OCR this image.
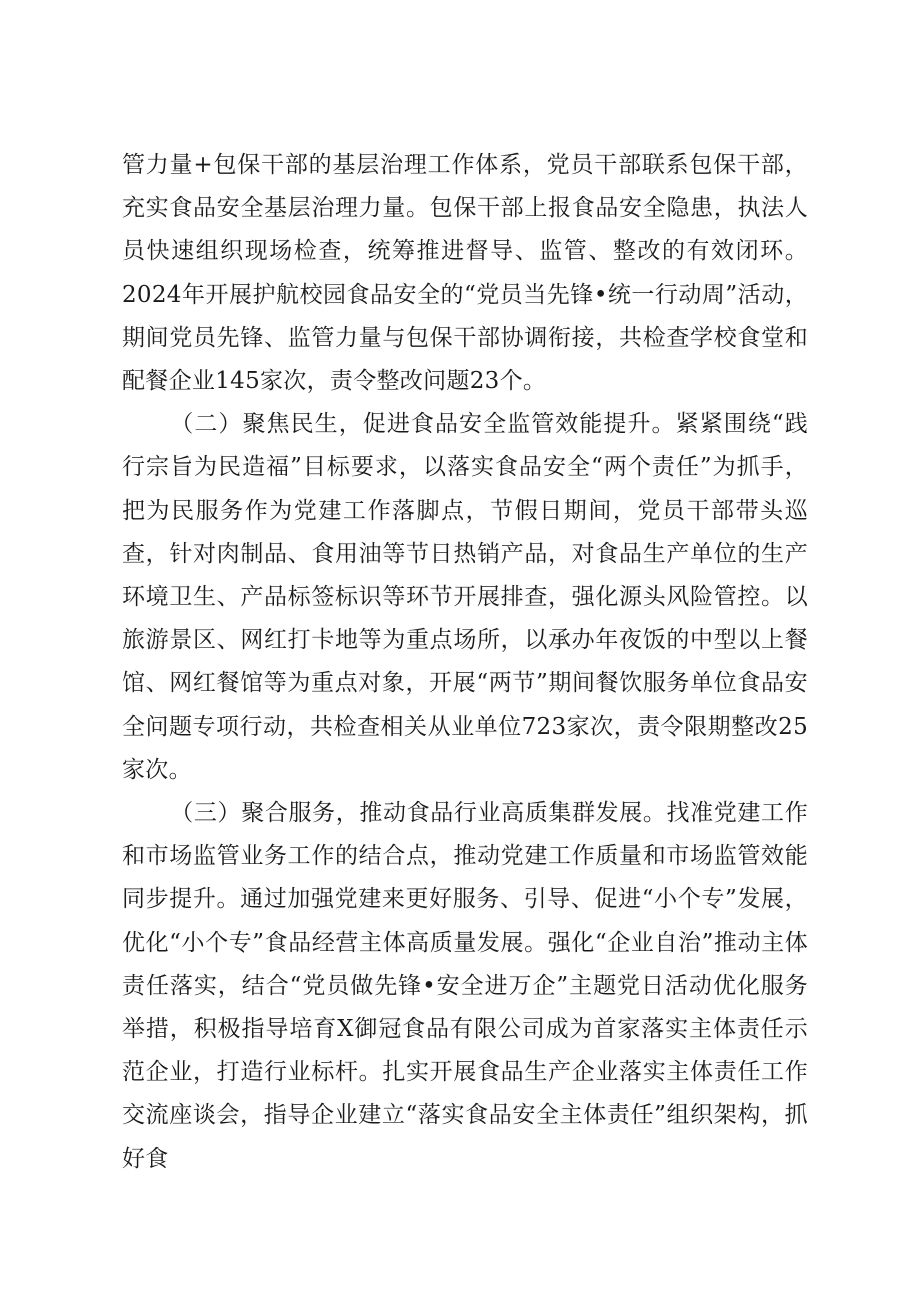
管力量+包保干部的基层治理工作体系，党员干部联系包保干部，充实食品安全基层治理力量。包保干部上报食品安全隐患，执法人员快速组织现场检查，统筹推进督导、监管、整改的有效闭环。2024年开展护航校园食品安全的“党员当先锋•统一行动周”活动，期间党员先锋、监管力量与包保干部协调衔接，共检查学校食堂和配餐企业145家次，责令整改问题23个。

（二）聚焦民生，促进食品安全监管效能提升。紧紧围绕“践行宗旨为民造福”目标要求，以落实食品安全“两个责任”为抓手，把为民服务作为党建工作落脚点，节假日期间，党员干部带头巡查，针对肉制品、食用油等节日热销产品，对食品生产单位的生产环境卫生、产品标签标识等环节开展排查，强化源头风险管控。以旅游景区、网红打卡地等为重点场所，以承办年夜饭的中型以上餐馆、网红餐馆等为重点对象，开展“两节”期间餐饮服务单位食品安全问题专项行动，共检查相关从业单位723家次，责令限期整改25家次。

（三）聚合服务，推动食品行业高质集群发展。找准党建工作和市场监管业务工作的结合点，推动党建工作质量和市场监管效能同步提升。通过加强党建来更好服务、引导、促进“小个专”发展，优化“小个专”食品经营主体高质量发展。强化“企业自治”推动主体责任落实，结合“党员做先锋•安全进万企”主题党日活动优化服务举措，积极指导培育X御冠食品有限公司成为首家落实主体责任示范企业，打造行业标杆。扎实开展食品生产企业落实主体责任工作交流座谈会，指导企业建立“落实食品安全主体责任”组织架构，抓好食
